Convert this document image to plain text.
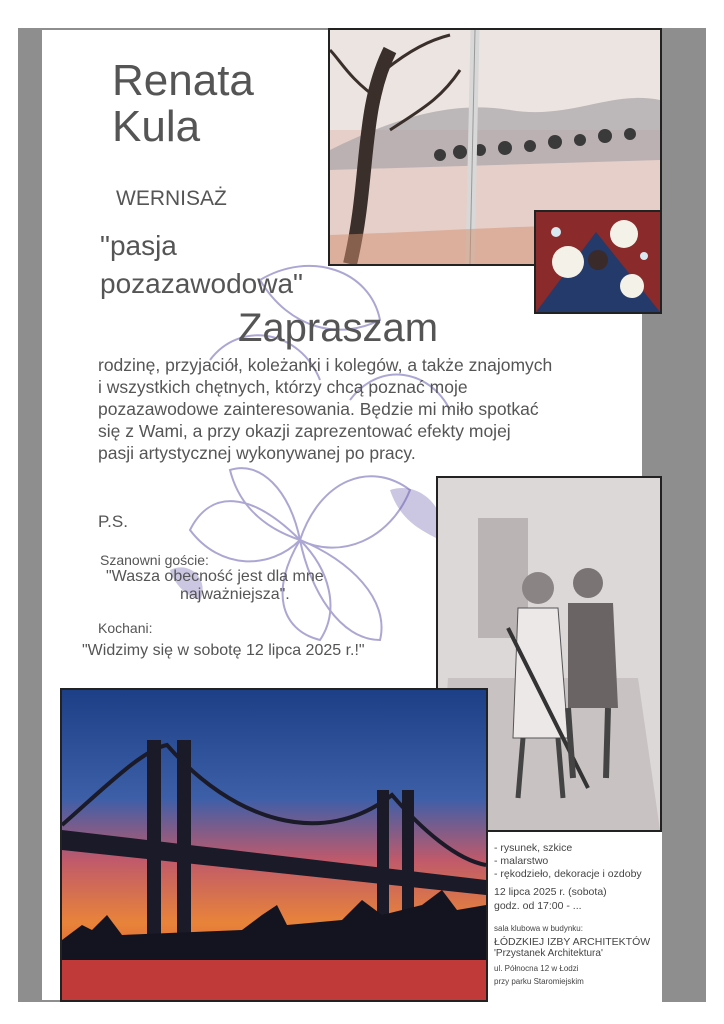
Renata
Kula
WERNISAŻ
"pasja
pozazawodowa"
Zapraszam
rodzinę, przyjaciół, koleżanki i kolegów, a także znajomych
i wszystkich chętnych, którzy chcą poznać moje
pozazawodowe zainteresowania. Będzie mi miło spotkać
się z Wami, a przy okazji zaprezentować efekty mojej
pasji artystycznej wykonywanej po pracy.
P.S.
Szanowni goście:
"Wasza obecność jest dla mne
najważniejsza".
Kochani:
"Widzimy się w sobotę 12 lipca 2025 r.!"
- rysunek, szkice
- malarstwo
- rękodzieło, dekoracje i ozdoby
12 lipca 2025 r. (sobota)
godz. od 17:00 - ...
sala klubowa w budynku:
ŁÓDZKIEJ IZBY ARCHITEKTÓW
'Przystanek Architektura'
ul. Północna 12 w Łodzi
przy parku Staromiejskim
